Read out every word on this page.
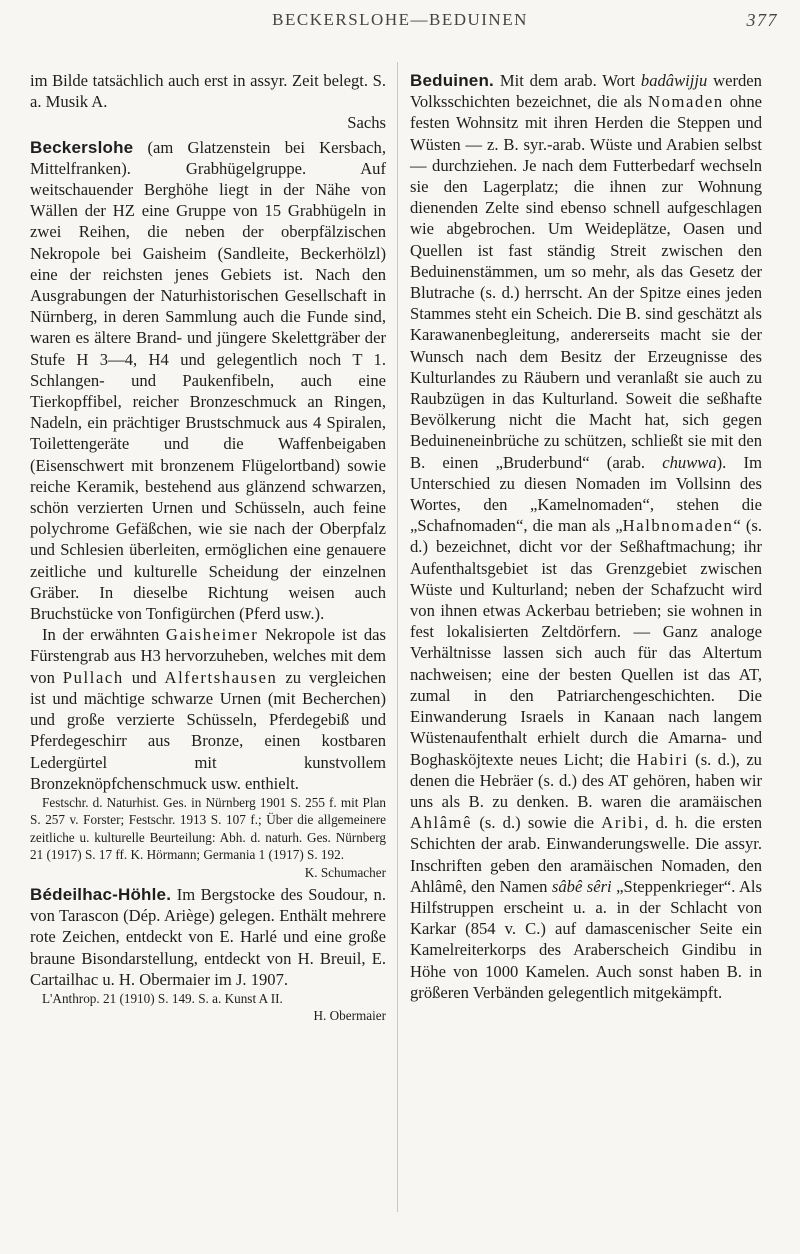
BECKERSLOHE—BEDUINEN	377

im Bilde tatsächlich auch erst in assyr. Zeit belegt. S. a. Musik A.

Sachs

Beckerslohe (am Glatzenstein bei Kersbach, Mittelfranken). Grabhügelgruppe. Auf weitschauender Berghöhe liegt in der Nähe von Wällen der HZ eine Gruppe von 15 Grabhügeln in zwei Reihen, die neben der oberpfälzischen Nekropole bei Gaisheim (Sandleite, Beckerhölzl) eine der reichsten jenes Gebiets ist. Nach den Ausgrabungen der Naturhistorischen Gesellschaft in Nürnberg, in deren Sammlung auch die Funde sind, waren es ältere Brand- und jüngere Skelettgräber der Stufe H 3—4, H4 und gelegentlich noch T 1. Schlangen- und Paukenfibeln, auch eine Tierkopffibel, reicher Bronzeschmuck an Ringen, Nadeln, ein prächtiger Brustschmuck aus 4 Spiralen, Toilettengeräte und die Waffenbeigaben (Eisenschwert mit bronzenem Flügelortband) sowie reiche Keramik, bestehend aus glänzend schwarzen, schön verzierten Urnen und Schüsseln, auch feine polychrome Gefäßchen, wie sie nach der Oberpfalz und Schlesien überleiten, ermöglichen eine genauere zeitliche und kulturelle Scheidung der einzelnen Gräber. In dieselbe Richtung weisen auch Bruchstücke von Tonfigürchen (Pferd usw.).

In der erwähnten Gaisheimer Nekropole ist das Fürstengrab aus H3 hervorzuheben, welches mit dem von Pullach und Alfertshausen zu vergleichen ist und mächtige schwarze Urnen (mit Becherchen) und große verzierte Schüsseln, Pferdegebiß und Pferdegeschirr aus Bronze, einen kostbaren Ledergürtel mit kunstvollem Bronzeknöpfchenschmuck usw. enthielt.

Festschr. d. Naturhist. Ges. in Nürnberg 1901 S. 255 f. mit Plan S. 257 v. Forster; Festschr. 1913 S. 107 f.; Über die allgemeinere zeitliche u. kulturelle Beurteilung: Abh. d. naturh. Ges. Nürnberg 21 (1917) S. 17 ff. K. Hörmann; Germania 1 (1917) S. 192.

K. Schumacher

Bédeilhac-Höhle. Im Bergstocke des Soudour, n. von Tarascon (Dép. Ariège) gelegen. Enthält mehrere rote Zeichen, entdeckt von E. Harlé und eine große braune Bisondarstellung, entdeckt von H. Breuil, E. Cartailhac u. H. Obermaier im J. 1907.

L'Anthrop. 21 (1910) S. 149. S. a. Kunst A II.

H. Obermaier

Beduinen. Mit dem arab. Wort badâwijju werden Volksschichten bezeichnet, die als Nomaden ohne festen Wohnsitz mit ihren Herden die Steppen und Wüsten — z. B. syr.-arab. Wüste und Arabien selbst — durchziehen. Je nach dem Futterbedarf wechseln sie den Lagerplatz; die ihnen zur Wohnung dienenden Zelte sind ebenso schnell aufgeschlagen wie abgebrochen. Um Weideplätze, Oasen und Quellen ist fast ständig Streit zwischen den Beduinenstämmen, um so mehr, als das Gesetz der Blutrache (s. d.) herrscht. An der Spitze eines jeden Stammes steht ein Scheich. Die B. sind geschätzt als Karawanenbegleitung, andererseits macht sie der Wunsch nach dem Besitz der Erzeugnisse des Kulturlandes zu Räubern und veranlaßt sie auch zu Raubzügen in das Kulturland. Soweit die seßhafte Bevölkerung nicht die Macht hat, sich gegen Beduineneinbrüche zu schützen, schließt sie mit den B. einen „Bruderbund“ (arab. chuwwa). Im Unterschied zu diesen Nomaden im Vollsinn des Wortes, den „Kamelnomaden“, stehen die „Schafnomaden“, die man als „Halbnomaden“ (s. d.) bezeichnet, dicht vor der Seßhaftmachung; ihr Aufenthaltsgebiet ist das Grenzgebiet zwischen Wüste und Kulturland; neben der Schafzucht wird von ihnen etwas Ackerbau betrieben; sie wohnen in fest lokalisierten Zeltdörfern. — Ganz analoge Verhältnisse lassen sich auch für das Altertum nachweisen; eine der besten Quellen ist das AT, zumal in den Patriarchengeschichten. Die Einwanderung Israels in Kanaan nach langem Wüstenaufenthalt erhielt durch die Amarna- und Boghasköjtexte neues Licht; die Habiri (s. d.), zu denen die Hebräer (s. d.) des AT gehören, haben wir uns als B. zu denken. B. waren die aramäischen Ahlâmê (s. d.) sowie die Aribi, d. h. die ersten Schichten der arab. Einwanderungswelle. Die assyr. Inschriften geben den aramäischen Nomaden, den Ahlâmê, den Namen sâbê sêri „Steppenkrieger“. Als Hilfstruppen erscheint u. a. in der Schlacht von Karkar (854 v. C.) auf damascenischer Seite ein Kamelreiterkorps des Araberscheich Gindibu in Höhe von 1000 Kamelen. Auch sonst haben B. in größeren Verbänden gelegentlich mitgekämpft.
